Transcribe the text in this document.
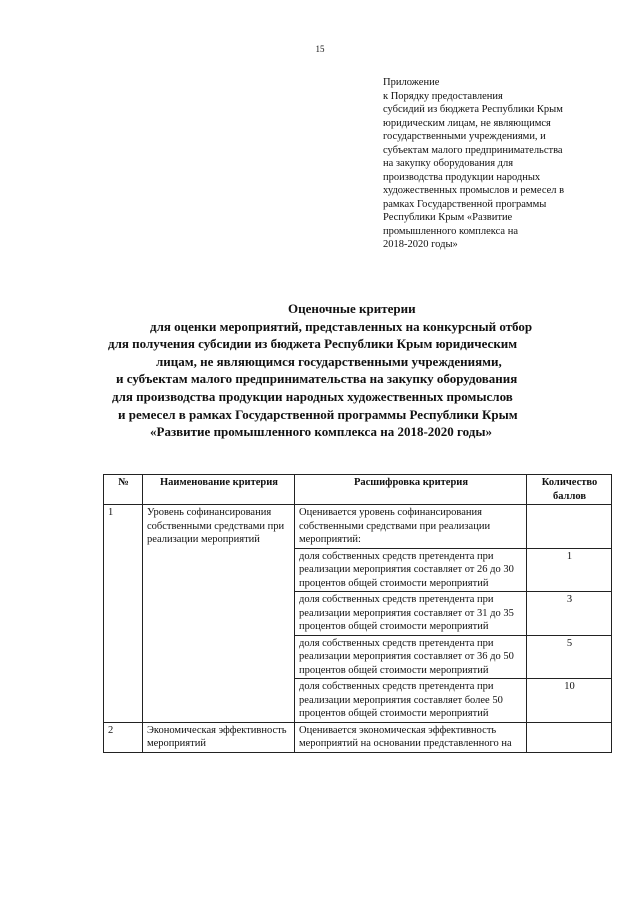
15
Приложение
к Порядку предоставления
субсидий из бюджета Республики Крым
юридическим лицам, не являющимся
государственными учреждениями, и
субъектам малого предпринимательства
на закупку оборудования для
производства продукции народных
художественных промыслов и ремесел в
рамках Государственной программы
Республики Крым «Развитие
промышленного комплекса на
2018-2020 годы»
Оценочные критерии
для оценки мероприятий, представленных на конкурсный отбор
для получения субсидии из бюджета Республики Крым юридическим
лицам, не являющимся государственными учреждениями,
и субъектам малого предпринимательства на закупку оборудования
для производства продукции народных художественных промыслов
и ремесел в рамках Государственной программы Республики Крым
«Развитие промышленного комплекса на 2018-2020 годы»
№	Наименование критерия	Расшифровка критерия	Количество баллов
1	Уровень софинансирования собственными средствами при реализации мероприятий	Оценивается уровень софинансирования собственными средствами при реализации мероприятий:	
		доля собственных средств претендента при реализации мероприятия составляет от 26 до 30 процентов общей стоимости мероприятий	1
		доля собственных средств претендента при реализации мероприятия составляет от 31 до 35 процентов общей стоимости мероприятий	3
		доля собственных средств претендента при реализации мероприятия составляет от 36 до 50 процентов общей стоимости мероприятий	5
		доля собственных средств претендента при реализации мероприятия составляет более 50 процентов общей стоимости мероприятий	10
2	Экономическая эффективность мероприятий	Оценивается экономическая эффективность мероприятий на основании представленного на	
